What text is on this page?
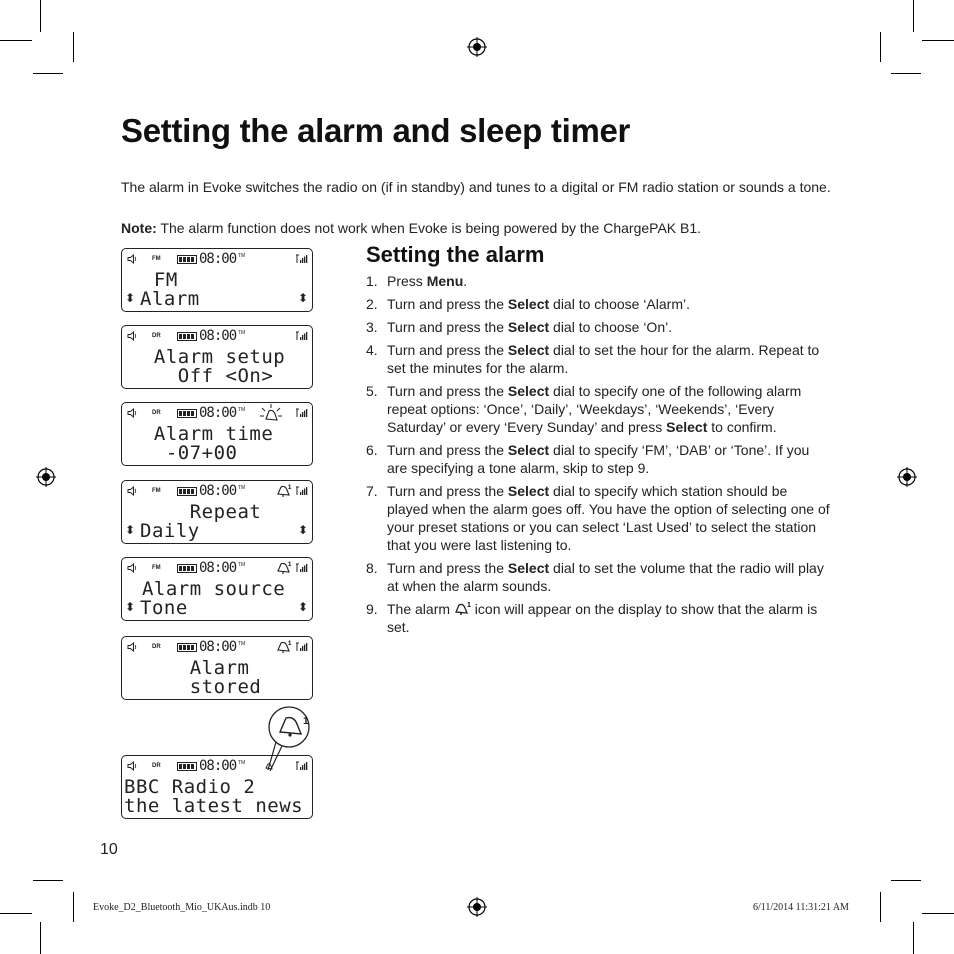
Setting the alarm and sleep timer

The alarm in Evoke switches the radio on (if in standby) and tunes to a digital or FM radio station or sounds a tone.

Note: The alarm function does not work when Evoke is being powered by the ChargePAK B1.

Setting the alarm
1. Press Menu.
2. Turn and press the Select dial to choose ‘Alarm’.
3. Turn and press the Select dial to choose ‘On’.
4. Turn and press the Select dial to set the hour for the alarm. Repeat to set the minutes for the alarm.
5. Turn and press the Select dial to specify one of the following alarm repeat options: ‘Once’, ‘Daily’, ‘Weekdays’, ‘Weekends’, ‘Every Saturday’ or every ‘Every Sunday’ and press Select to confirm.
6. Turn and press the Select dial to specify ‘FM’, ‘DAB’ or ‘Tone’. If you are specifying a tone alarm, skip to step 9.
7. Turn and press the Select dial to specify which station should be played when the alarm goes off. You have the option of selecting one of your preset stations or you can select ‘Last Used’ to select the station that you were last listening to.
8. Turn and press the Select dial to set the volume that the radio will play at when the alarm sounds.
9. The alarm 1 icon will appear on the display to show that the alarm is set.
FM	08:00 TM
FM
⬍ Alarm	⬍
DR	08:00 TM
Alarm setup
Off <On>
DR	08:00 TM
Alarm time
-07+00
FM	08:00 TM	1
Repeat
⬍ Daily	⬍
FM	08:00 TM	1
Alarm source
⬍ Tone	⬍
DR	08:00 TM	1
Alarm
stored
DR	08:00 TM
BBC Radio 2
the latest news
1
10
Evoke_D2_Bluetooth_Mio_UKAus.indb 10	6/11/2014 11:31:21 AM
